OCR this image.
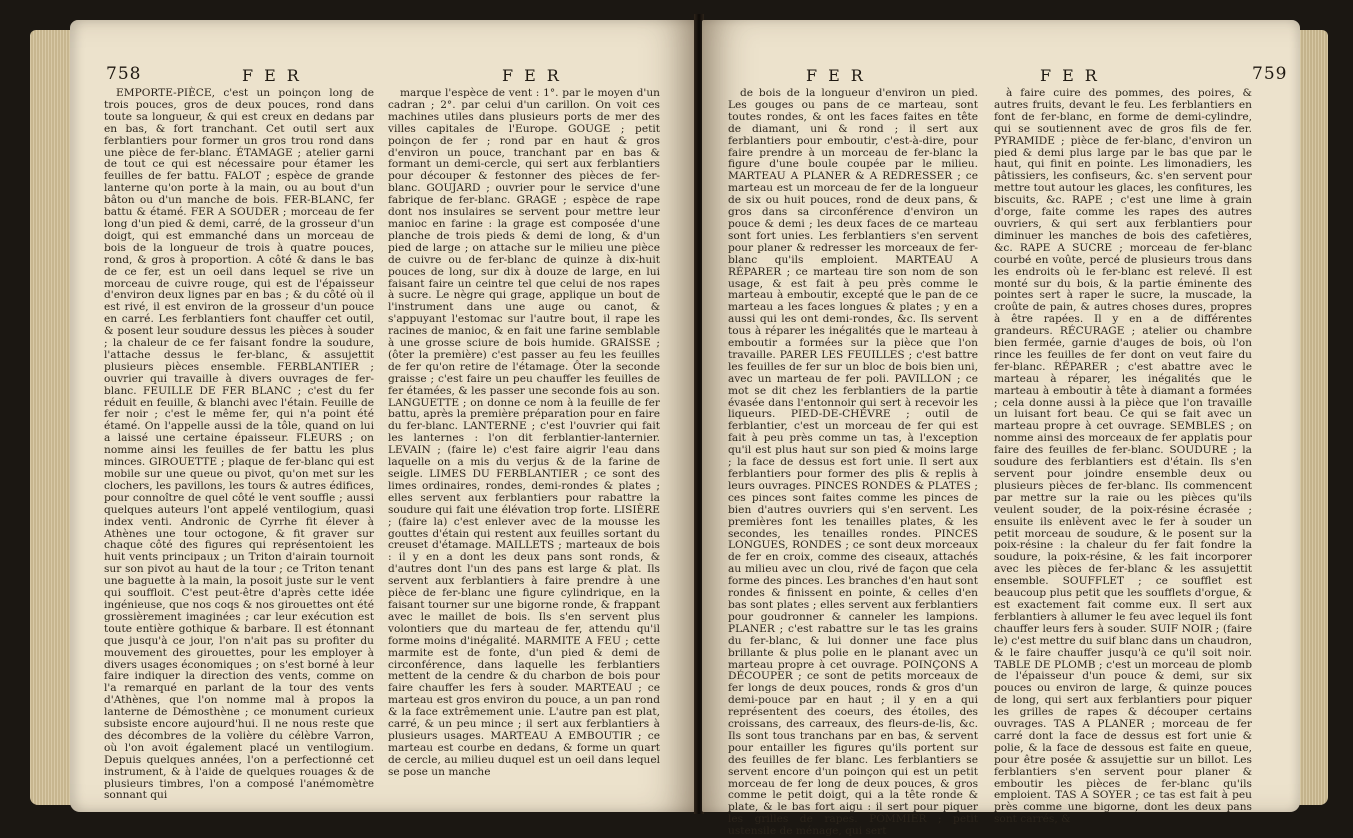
758	FER	FER

EMPORTE-PIÈCE, c'est un poinçon long de trois pouces, gros de deux pouces, rond dans toute sa longueur, & qui est creux en dedans par en bas, & fort tranchant. Cet outil sert aux ferblantiers pour former un gros trou rond dans une pièce de fer-blanc. ÉTAMAGE ; atelier garni de tout ce qui est nécessaire pour étamer les feuilles de fer battu. FALOT ; espèce de grande lanterne qu'on porte à la main, ou au bout d'un bâton ou d'un manche de bois. FER-BLANC, fer battu & étamé. FER A SOUDER ; morceau de fer long d'un pied & demi, carré, de la grosseur d'un doigt, qui est emmanché dans un morceau de bois de la longueur de trois à quatre pouces, rond, & gros à proportion. A côté & dans le bas de ce fer, est un oeil dans lequel se rive un morceau de cuivre rouge, qui est de l'épaisseur d'environ deux lignes par en bas ; & du côté où il est rivé, il est environ de la grosseur d'un pouce en carré. Les ferblantiers font chauffer cet outil, & posent leur soudure dessus les pièces à souder ; la chaleur de ce fer faisant fondre la soudure, l'attache dessus le fer-blanc, & assujettit plusieurs pièces ensemble. FERBLANTIER ; ouvrier qui travaille à divers ouvrages de fer-blanc. FEUILLE DE FER BLANC ; c'est du fer réduit en feuille, & blanchi avec l'étain. Feuille de fer noir ; c'est le même fer, qui n'a point été étamé. On l'appelle aussi de la tôle, quand on lui a laissé une certaine épaisseur. FLEURS ; on nomme ainsi les feuilles de fer battu les plus minces. GIROUETTE ; plaque de fer-blanc qui est mobile sur une queue ou pivot, qu'on met sur les clochers, les pavillons, les tours & autres édifices, pour connoître de quel côté le vent souffle ; aussi quelques auteurs l'ont appelé ventilogium, quasi index venti. Andronic de Cyrrhe fit élever à Athènes une tour octogone, & fit graver sur chaque côté des figures qui représentoient les huit vents principaux ; un Triton d'airain tournoit sur son pivot au haut de la tour ; ce Triton tenant une baguette à la main, la posoit juste sur le vent qui souffloit. C'est peut-être d'après cette idée ingénieuse, que nos coqs & nos girouettes ont été grossièrement imaginées ; car leur exécution est toute entière gothique & barbare. Il est étonnant que jusqu'à ce jour, l'on n'ait pas su profiter du mouvement des girouettes, pour les employer à divers usages économiques ; on s'est borné à leur faire indiquer la direction des vents, comme on l'a remarqué en parlant de la tour des vents d'Athènes, que l'on nomme mal à propos la lanterne de Démosthène ; ce monument curieux subsiste encore aujourd'hui. Il ne nous reste que des décombres de la volière du célèbre Varron, où l'on avoit également placé un ventilogium. Depuis quelques années, l'on a perfectionné cet instrument, & à l'aide de quelques rouages & de plusieurs timbres, l'on a composé l'anémomètre sonnant qui

marque l'espèce de vent : 1°. par le moyen d'un cadran ; 2°. par celui d'un carillon. On voit ces machines utiles dans plusieurs ports de mer des villes capitales de l'Europe. GOUGE ; petit poinçon de fer ; rond par en haut & gros d'environ un pouce, tranchant par en bas & formant un demi-cercle, qui sert aux ferblantiers pour découper & festonner des pièces de fer-blanc. GOUJARD ; ouvrier pour le service d'une fabrique de fer-blanc. GRAGE ; espèce de rape dont nos insulaires se servent pour mettre leur manioc en farine : la grage est composée d'une planche de trois pieds & demi de long, & d'un pied de large ; on attache sur le milieu une pièce de cuivre ou de fer-blanc de quinze à dix-huit pouces de long, sur dix à douze de large, en lui faisant faire un ceintre tel que celui de nos rapes à sucre. Le nègre qui grage, applique un bout de l'instrument dans une auge ou canot, & s'appuyant l'estomac sur l'autre bout, il rape les racines de manioc, & en fait une farine semblable à une grosse sciure de bois humide. GRAISSE ; (ôter la première) c'est passer au feu les feuilles de fer qu'on retire de l'étamage. Ôter la seconde graisse ; c'est faire un peu chauffer les feuilles de fer étamées, & les passer une seconde fois au son. LANGUETTE ; on donne ce nom à la feuille de fer battu, après la première préparation pour en faire du fer-blanc. LANTERNE ; c'est l'ouvrier qui fait les lanternes : l'on dit ferblantier-lanternier. LEVAIN ; (faire le) c'est faire aigrir l'eau dans laquelle on a mis du verjus & de la farine de seigle. LIMES DU FERBLANTIER ; ce sont des limes ordinaires, rondes, demi-rondes & plates ; elles servent aux ferblantiers pour rabattre la soudure qui fait une élévation trop forte. LISIÈRE ; (faire la) c'est enlever avec de la mousse les gouttes d'étain qui restent aux feuilles sortant du creuset d'étamage. MAILLETS ; marteaux de bois : il y en a dont les deux pans sont ronds, & d'autres dont l'un des pans est large & plat. Ils servent aux ferblantiers à faire prendre à une pièce de fer-blanc une figure cylindrique, en la faisant tourner sur une bigorne ronde, & frappant avec le maillet de bois. Ils s'en servent plus volontiers que du marteau de fer, attendu qu'il forme moins d'inégalité. MARMITE A FEU ; cette marmite est de fonte, d'un pied & demi de circonférence, dans laquelle les ferblantiers mettent de la cendre & du charbon de bois pour faire chauffer les fers à souder. MARTEAU ; ce marteau est gros environ du pouce, a un pan rond & la face extrêmement unie. L'autre pan est plat, carré, & un peu mince ; il sert aux ferblantiers à plusieurs usages. MARTEAU A EMBOUTIR ; ce marteau est courbe en dedans, & forme un quart de cercle, au milieu duquel est un oeil dans lequel se pose un manche

FER	FER	759

de bois de la longueur d'environ un pied. Les gouges ou pans de ce marteau, sont toutes rondes, & ont les faces faites en tête de diamant, uni & rond ; il sert aux ferblantiers pour emboutir, c'est-à-dire, pour faire prendre à un morceau de fer-blanc la figure d'une boule coupée par le milieu. MARTEAU A PLANER & A REDRESSER ; ce marteau est un morceau de fer de la longueur de six ou huit pouces, rond de deux pans, & gros dans sa circonférence d'environ un pouce & demi ; les deux faces de ce marteau sont fort unies. Les ferblantiers s'en servent pour planer & redresser les morceaux de fer-blanc qu'ils emploient. MARTEAU A RÉPARER ; ce marteau tire son nom de son usage, & est fait à peu près comme le marteau à emboutir, excepté que le pan de ce marteau a les faces longues & plates ; y en a aussi qui les ont demi-rondes, &c. Ils servent tous à réparer les inégalités que le marteau à emboutir a formées sur la pièce que l'on travaille. PARER LES FEUILLES ; c'est battre les feuilles de fer sur un bloc de bois bien uni, avec un marteau de fer poli. PAVILLON ; ce mot se dit chez les ferblantiers de la partie évasée dans l'entonnoir qui sert à recevoir les liqueurs. PIED-DE-CHÈVRE ; outil de ferblantier, c'est un morceau de fer qui est fait à peu près comme un tas, à l'exception qu'il est plus haut sur son pied & moins large ; la face de dessus est fort unie. Il sert aux ferblantiers pour former des plis & replis à leurs ouvrages. PINCES RONDES & PLATES ; ces pinces sont faites comme les pinces de bien d'autres ouvriers qui s'en servent. Les premières font les tenailles plates, & les secondes, les tenailles rondes. PINCES LONGUES, RONDES ; ce sont deux morceaux de fer en croix, comme des ciseaux, attachés au milieu avec un clou, rivé de façon que cela forme des pinces. Les branches d'en haut sont rondes & finissent en pointe, & celles d'en bas sont plates ; elles servent aux ferblantiers pour goudronner & canneler les lampions. PLANER ; c'est rabattre sur le tas les grains du fer-blanc, & lui donner une face plus brillante & plus polie en le planant avec un marteau propre à cet ouvrage. POINÇONS A DÉCOUPER ; ce sont de petits morceaux de fer longs de deux pouces, ronds & gros d'un demi-pouce par en haut ; il y en a qui représentent des coeurs, des étoiles, des croissans, des carreaux, des fleurs-de-lis, &c. Ils sont tous tranchans par en bas, & servent pour entailler les figures qu'ils portent sur des feuilles de fer blanc. Les ferblantiers se servent encore d'un poinçon qui est un petit morceau de fer long de deux pouces, & gros comme le petit doigt, qui a la tête ronde & plate, & le bas fort aigu : il sert pour piquer les grilles de rapes. POMMIER ; petit ustensile de ménage, qui sert

à faire cuire des pommes, des poires, & autres fruits, devant le feu. Les ferblantiers en font de fer-blanc, en forme de demi-cylindre, qui se soutiennent avec de gros fils de fer. PYRAMIDE ; pièce de fer-blanc, d'environ un pied & demi plus large par le bas que par le haut, qui finit en pointe. Les limonadiers, les pâtissiers, les confiseurs, &c. s'en servent pour mettre tout autour les glaces, les confitures, les biscuits, &c. RAPE ; c'est une lime à grain d'orge, faite comme les rapes des autres ouvriers, & qui sert aux ferblantiers pour diminuer les manches de bois des cafetières, &c. RAPE A SUCRE ; morceau de fer-blanc courbé en voûte, percé de plusieurs trous dans les endroits où le fer-blanc est relevé. Il est monté sur du bois, & la partie éminente des pointes sert à raper le sucre, la muscade, la croûte de pain, & autres choses dures, propres à être rapées. Il y en a de différentes grandeurs. RÉCURAGE ; atelier ou chambre bien fermée, garnie d'auges de bois, où l'on rince les feuilles de fer dont on veut faire du fer-blanc. RÉPARER ; c'est abattre avec le marteau à réparer, les inégalités que le marteau à emboutir à tête à diamant a formées ; cela donne aussi à la pièce que l'on travaille un luisant fort beau. Ce qui se fait avec un marteau propre à cet ouvrage. SEMBLES ; on nomme ainsi des morceaux de fer applatis pour faire des feuilles de fer-blanc. SOUDURE ; la soudure des ferblantiers est d'étain. Ils s'en servent pour joindre ensemble deux ou plusieurs pièces de fer-blanc. Ils commencent par mettre sur la raie ou les pièces qu'ils veulent souder, de la poix-résine écrasée ; ensuite ils enlèvent avec le fer à souder un petit morceau de soudure, & le posent sur la poix-résine : la chaleur du fer fait fondre la soudure, la poix-résine, & les fait incorporer avec les pièces de fer-blanc & les assujettit ensemble. SOUFFLET ; ce soufflet est beaucoup plus petit que les soufflets d'orgue, & est exactement fait comme eux. Il sert aux ferblantiers à allumer le feu avec lequel ils font chauffer leurs fers à souder. SUIF NOIR ; (faire le) c'est mettre du suif blanc dans un chaudron, & le faire chauffer jusqu'à ce qu'il soit noir. TABLE DE PLOMB ; c'est un morceau de plomb de l'épaisseur d'un pouce & demi, sur six pouces ou environ de large, & quinze pouces de long, qui sert aux ferblantiers pour piquer les grilles de rapes & découper certains ouvrages. TAS A PLANER ; morceau de fer carré dont la face de dessus est fort unie & polie, & la face de dessous est faite en queue, pour être posée & assujettie sur un billot. Les ferblantiers s'en servent pour planer & emboutir les pièces de fer-blanc qu'ils emploient. TAS A SOYER ; ce tas est fait à peu près comme une bigorne, dont les deux pans sont carrés, &
